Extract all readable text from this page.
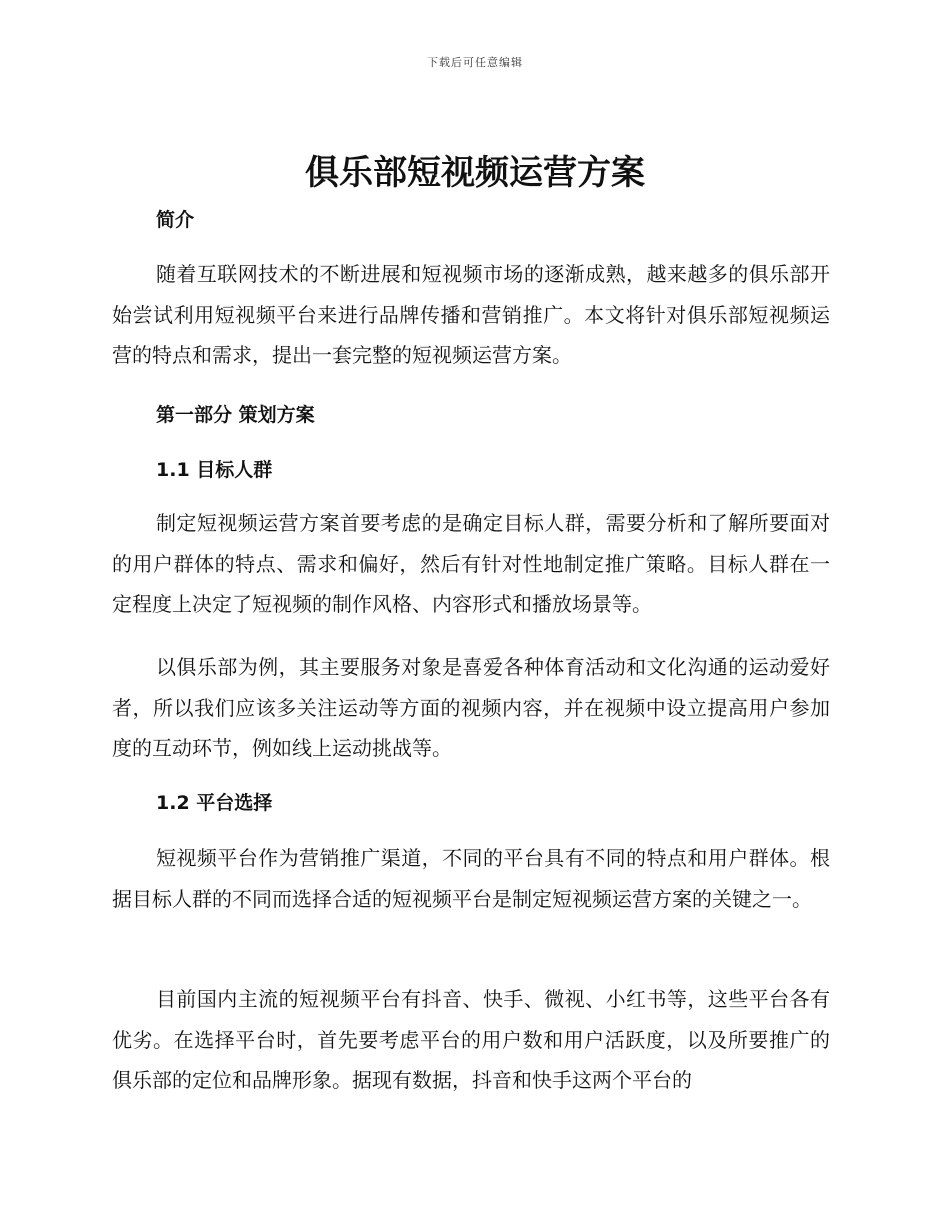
下载后可任意编辑
俱乐部短视频运营方案
简介

随着互联网技术的不断进展和短视频市场的逐渐成熟，越来越多的俱乐部开始尝试利用短视频平台来进行品牌传播和营销推广。本文将针对俱乐部短视频运营的特点和需求，提出一套完整的短视频运营方案。

第一部分 策划方案
1.1 目标人群

制定短视频运营方案首要考虑的是确定目标人群，需要分析和了解所要面对的用户群体的特点、需求和偏好，然后有针对性地制定推广策略。目标人群在一定程度上决定了短视频的制作风格、内容形式和播放场景等。

以俱乐部为例，其主要服务对象是喜爱各种体育活动和文化沟通的运动爱好者，所以我们应该多关注运动等方面的视频内容，并在视频中设立提高用户参加度的互动环节，例如线上运动挑战等。

1.2 平台选择

短视频平台作为营销推广渠道，不同的平台具有不同的特点和用户群体。根据目标人群的不同而选择合适的短视频平台是制定短视频运营方案的关键之一。

目前国内主流的短视频平台有抖音、快手、微视、小红书等，这些平台各有优劣。在选择平台时，首先要考虑平台的用户数和用户活跃度，以及所要推广的俱乐部的定位和品牌形象。据现有数据，抖音和快手这两个平台的
